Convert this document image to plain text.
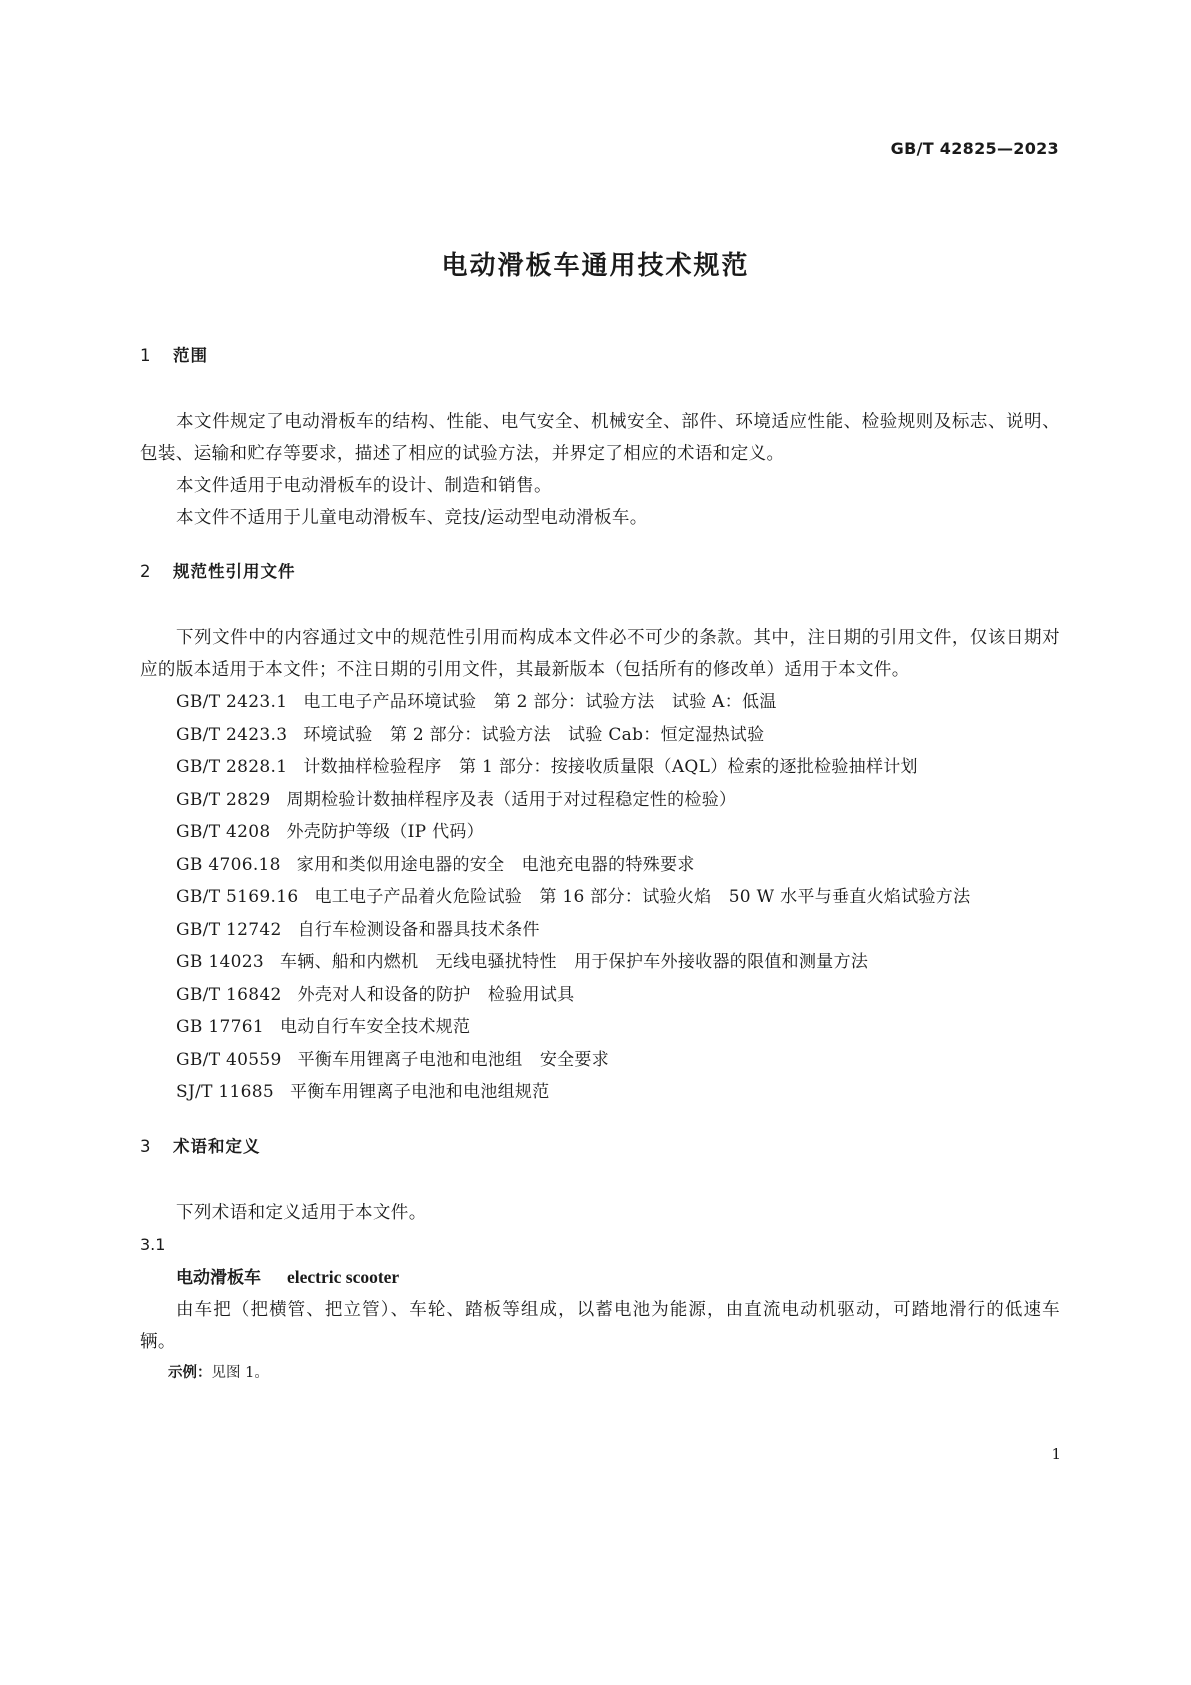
GB/T 42825—2023
电动滑板车通用技术规范
1 范围
本文件规定了电动滑板车的结构、性能、电气安全、机械安全、部件、环境适应性能、检验规则及标志、说明、包装、运输和贮存等要求，描述了相应的试验方法，并界定了相应的术语和定义。
本文件适用于电动滑板车的设计、制造和销售。
本文件不适用于儿童电动滑板车、竞技/运动型电动滑板车。
2 规范性引用文件
下列文件中的内容通过文中的规范性引用而构成本文件必不可少的条款。其中，注日期的引用文件，仅该日期对应的版本适用于本文件；不注日期的引用文件，其最新版本（包括所有的修改单）适用于本文件。
GB/T 2423.1 电工电子产品环境试验　第 2 部分：试验方法　试验 A：低温
GB/T 2423.3 环境试验　第 2 部分：试验方法　试验 Cab：恒定湿热试验
GB/T 2828.1 计数抽样检验程序　第 1 部分：按接收质量限（AQL）检索的逐批检验抽样计划
GB/T 2829 周期检验计数抽样程序及表（适用于对过程稳定性的检验）
GB/T 4208 外壳防护等级（IP 代码）
GB 4706.18 家用和类似用途电器的安全　电池充电器的特殊要求
GB/T 5169.16 电工电子产品着火危险试验　第 16 部分：试验火焰　50 W 水平与垂直火焰试验方法
GB/T 12742 自行车检测设备和器具技术条件
GB 14023 车辆、船和内燃机　无线电骚扰特性　用于保护车外接收器的限值和测量方法
GB/T 16842 外壳对人和设备的防护　检验用试具
GB 17761 电动自行车安全技术规范
GB/T 40559 平衡车用锂离子电池和电池组　安全要求
SJ/T 11685 平衡车用锂离子电池和电池组规范
3 术语和定义
下列术语和定义适用于本文件。
3.1
电动滑板车 electric scooter
由车把（把横管、把立管）、车轮、踏板等组成，以蓄电池为能源，由直流电动机驱动，可踏地滑行的低速车辆。
示例：见图 1。
1
